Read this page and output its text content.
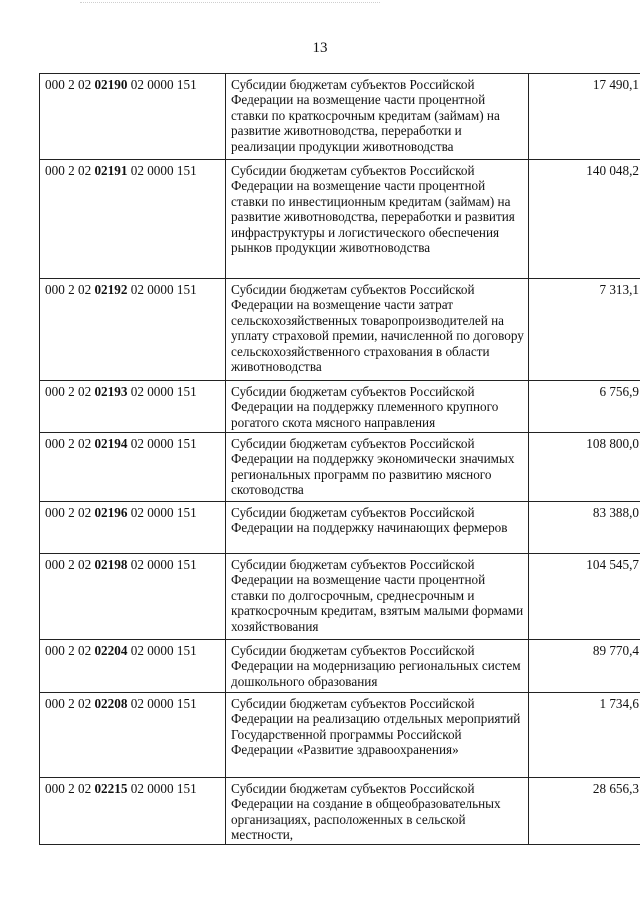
13
000 2 02 02190 02 0000 151	Субсидии бюджетам субъектов Российской Федерации на возмещение части процентной ставки по краткосрочным кредитам (займам) на развитие животноводства, переработки и реализации продукции животноводства	17 490,1
000 2 02 02191 02 0000 151	Субсидии бюджетам субъектов Российской Федерации на возмещение части процентной ставки по инвестиционным кредитам (займам) на развитие животноводства, переработки и развития инфраструктуры и логистического обеспечения рынков продукции животноводства	140 048,2
000 2 02 02192 02 0000 151	Субсидии бюджетам субъектов Российской Федерации на возмещение части затрат сельскохозяйственных товаропроизводителей на уплату страховой премии, начисленной по договору сельскохозяйственного страхования в области животноводства	7 313,1
000 2 02 02193 02 0000 151	Субсидии бюджетам субъектов Российской Федерации на поддержку племенного крупного рогатого скота мясного направления	6 756,9
000 2 02 02194 02 0000 151	Субсидии бюджетам субъектов Российской Федерации на поддержку экономически значимых региональных программ по развитию мясного скотоводства	108 800,0
000 2 02 02196 02 0000 151	Субсидии бюджетам субъектов Российской Федерации на поддержку начинающих фермеров	83 388,0
000 2 02 02198 02 0000 151	Субсидии бюджетам субъектов Российской Федерации на возмещение части процентной ставки по долгосрочным, среднесрочным и краткосрочным кредитам, взятым малыми формами хозяйствования	104 545,7
000 2 02 02204 02 0000 151	Субсидии бюджетам субъектов Российской Федерации на модернизацию региональных систем дошкольного образования	89 770,4
000 2 02 02208 02 0000 151	Субсидии бюджетам субъектов Российской Федерации на реализацию отдельных мероприятий Государственной программы Российской Федерации «Развитие здравоохранения»	1 734,6
000 2 02 02215 02 0000 151	Субсидии бюджетам субъектов Российской Федерации на создание в общеобразовательных организациях, расположенных в сельской местности,	28 656,3
